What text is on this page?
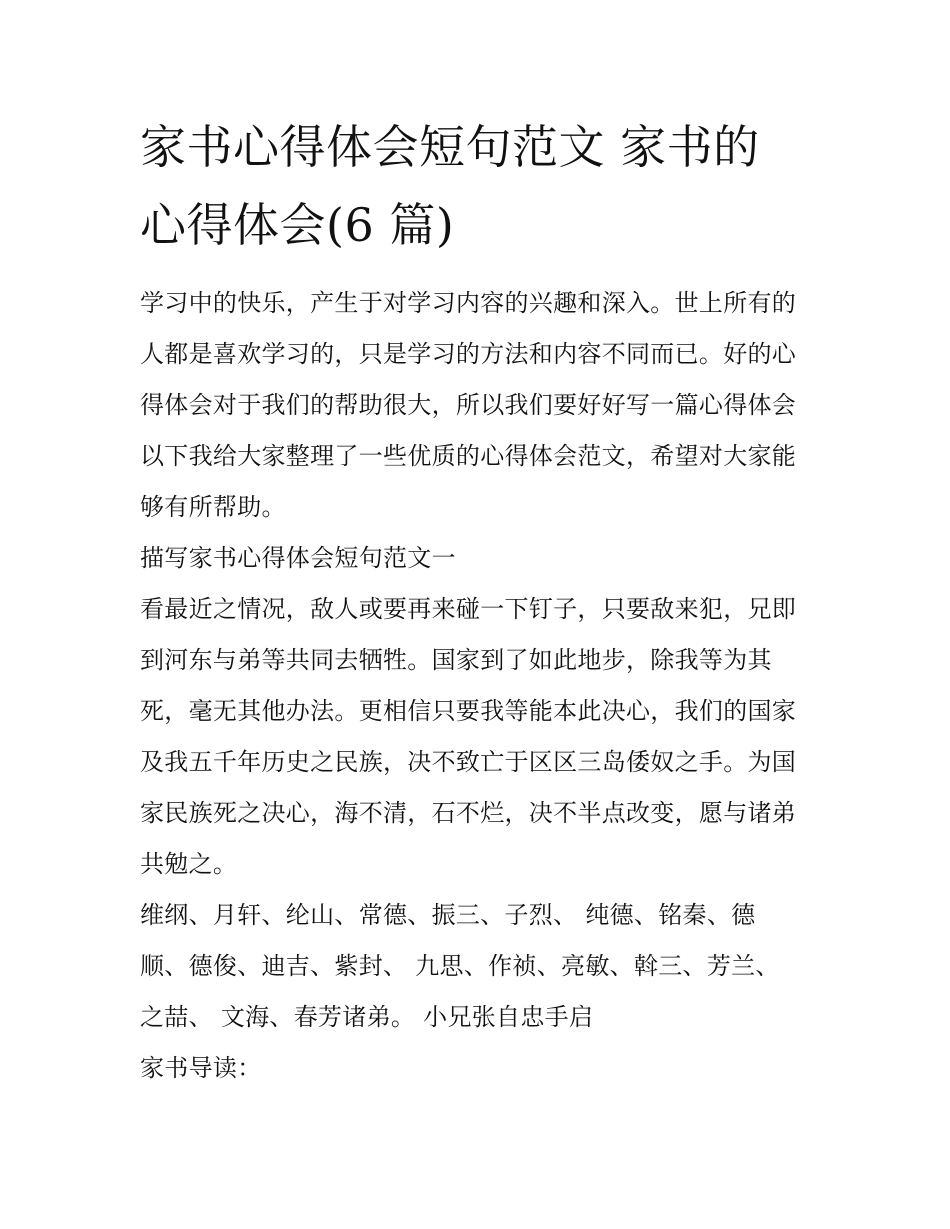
家书心得体会短句范文 家书的
心得体会(6 篇)
学习中的快乐，产生于对学习内容的兴趣和深入。世上所有的
人都是喜欢学习的，只是学习的方法和内容不同而已。好的心
得体会对于我们的帮助很大，所以我们要好好写一篇心得体会
以下我给大家整理了一些优质的心得体会范文，希望对大家能
够有所帮助。
描写家书心得体会短句范文一
看最近之情况，敌人或要再来碰一下钉子，只要敌来犯，兄即
到河东与弟等共同去牺牲。国家到了如此地步，除我等为其
死，毫无其他办法。更相信只要我等能本此决心，我们的国家
及我五千年历史之民族，决不致亡于区区三岛倭奴之手。为国
家民族死之决心，海不清，石不烂，决不半点改变，愿与诸弟
共勉之。
维纲、月轩、纶山、常德、振三、子烈、 纯德、铭秦、德
顺、德俊、迪吉、紫封、 九思、作祯、亮敏、斡三、芳兰、
之喆、 文海、春芳诸弟。 小兄张自忠手启
家书导读：
